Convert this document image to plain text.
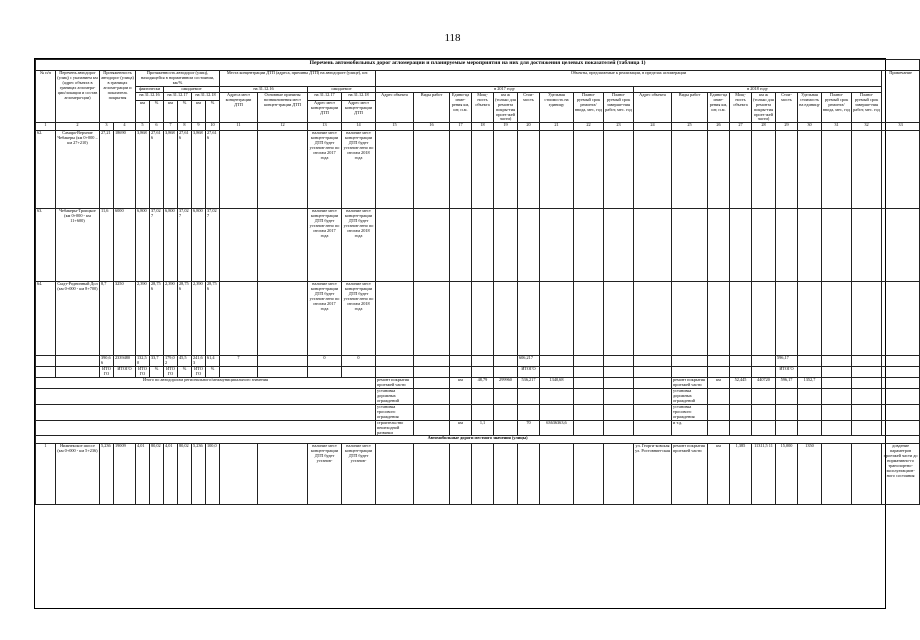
118
Перечень автомобильных дорог агломерации и планируемые мероприятия на них для достижения целевых показателей (таблица 1)																																
№ п/п	Перечень автодорог (улиц) с указанием км (адрес объекта в границах агломера-ции/локации и состав агломера-ции)	Протяженность автодорог (улица) в границах агломе-рации и показатель покрытия		Протяженность автодорог (улиц), находящейся в нормативном состоянии, км/%						Места концентрации ДТП (адреса, причины ДТП) на автодороге (улице), шт.				Объекты, предлагаемые к реализации, в пределах агломерации																		Примечание
				фактически		ожидаемое				на 31.12.16		ожидаемое		в 2017 году									в 2018 году									
				на 31.12.16		на 31.12.17		на 31.12.18		Адреса мест концентрации ДТП	Основные причины возникновения мест концен-трации ДТП	на 31.12.17	на 31.12.18	Адрес объекта	Виды работ	Едини-ца изме-рения км, шт, п.м.	Мощ-ность объекта	км ж (только для ремонта покры-тия проез-жей части)	Стои-мость	Удельная стоимость на единицу	Плани-руемый срок ремонта/ввода, мес, год	Плани-руемый срок заверше-ния работ, мес. год	Адрес объекта	Виды работ	Едини-ца изме-рения км, шт, п.м.	Мощ-ность объекта	км ж (только для ремонта покры-тия проез-жей части)	Стои-мость	Удельная стоимость на единицу	Плани-руемый срок ремонта/ввода, мес, год	Плани-руемый срок заверше-ния работ, мес. год	
				км	%	км	%	км	%			Адрес мест концен-трации ДТП	Адрес мест концен-трации ДТП																			
1	2	3	4	5	6	7	8	9	10	11	12	13	14	15	16	17	18	19	20	21	22	23	24	25	26	27	28	29	30	31	32	33
62.	Самара-Верхние Чебакеры (км 0+000 – км 27+210)	27,21	18690	3,868	27,616	3,868	27,616	3,868	27,61 6			наличие мест концен-трации ДТП будет установ-лено по итогам 2017 года	наличие мест концен-трации ДТП будет установ-лено по итогам 2018 года																			
63.	Чебакеры-Троицкое (км 0+000 - км 11+600)	11,6	6000	6,800	37,027	6,800	37,027	6,800	37,02 7			наличие мест концен-трации ДТП будет установ-лено по итогам 2017 года	наличие мест концен-трации ДТП будет установ-лено по итогам 2018 года																			
64.	Сыдт-Родничный Дол (км 0+000 - км 8+700)	8,7	3250	2,390	28,756	2,390	28,756	2,390	28,75 6			наличие мест концен-трации ДТП будет установ-лено по итогам 2017 года	наличие мест концен-трации ДТП будет установ-лено по итогам 2018 года																			
		390,66	2339480	132,50	33,7	179,02	45,5	241,63	61,4	7		0	0						606,217									596,17				
		ИТОГО	ИТОГО	ИТОГО	%	ИТОГО	%	ИТОГО	%										ИТОГО									ИТОГО				
Итого по автодорогам регионального/межмуниципального значения														ремонт покрытия проезжей части		км	48,79	299960	536,217	1340,68				ремонт покрытия проезжей части	км	52,445	440720	596,17	1352,7			
														установка дорожных ограждений										установка дорожных ограждений								
														установка тросового ограждения										установка тросового ограждения								
														строительство пешеходной развязки		км	1,1		70	63636363,6				и т.д.								
Автомобильные дороги местного значения (улицы)																																
1	Нижнекское шоссе (км 0+000 - км 5+236)	5,236	19009	4,01	80,02	4,01	80,02	5,236	100,0			наличие мест концен-трации ДТП будет установ-	наличие мест концен-трации ДТП будет установ-										ул. Георги-ковская ул. Ростовнин-ская	ремонт покрытия проезжей части	км	1,385	11311,5 11	15,000	1350			довдение параметров проезжей части до нормативно-го транспортно-эксплуатацион-ного состояния
